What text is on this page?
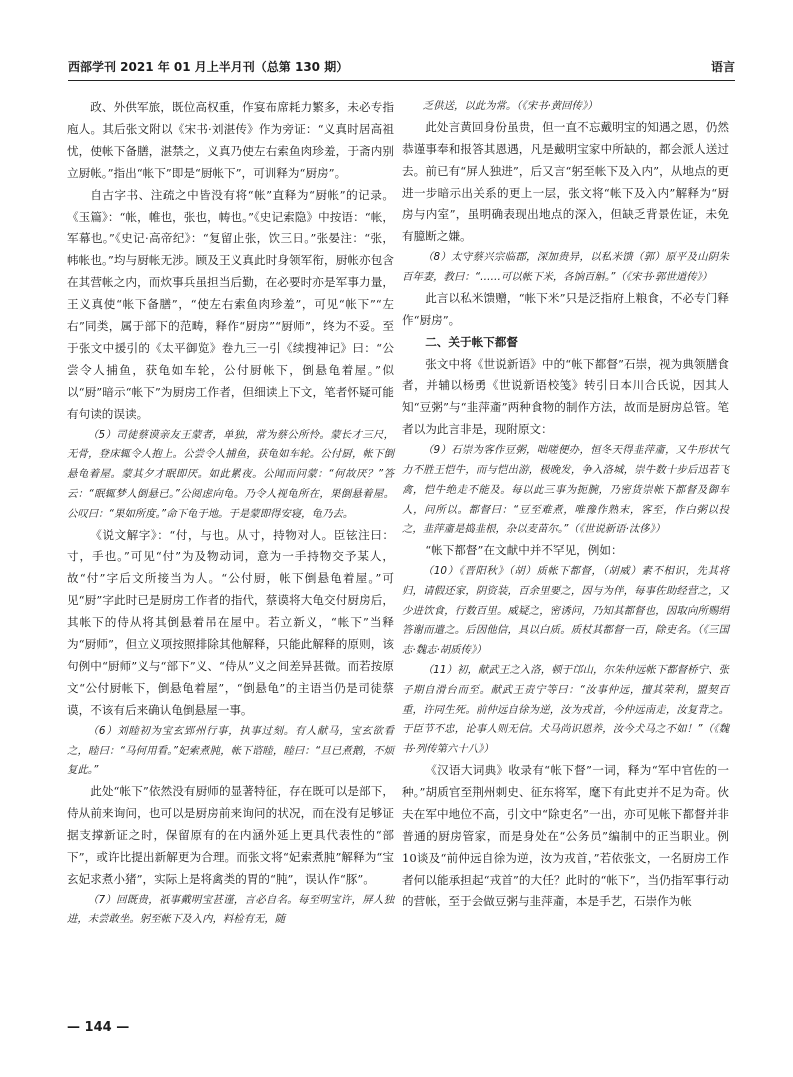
西部学刊 2021 年 01 月上半月刊（总第 130 期）	语言

政、外供军旅，既位高权重，作宴布席耗力繁多，未必专指庖人。其后张文附以《宋书·刘湛传》作为旁证：“义真时居高祖忧，使帐下备膳，湛禁之，义真乃使左右索鱼肉珍羞，于斋内别立厨帐。”指出“帐下”即是“厨帐下”，可训释为“厨房”。

自古字书、注疏之中皆没有将“帐”直释为“厨帐”的记录。《玉篇》：“帐，帷也，张也，帱也。”《史记索隐》中按语：“帐，军幕也。”《史记·高帝纪》：“复留止张，饮三日。”张晏注：“张，帏帐也。”均与厨帐无涉。顾及王义真此时身领军衔，厨帐亦包含在其营帐之内，而炊事兵虽担当后勤，在必要时亦是军事力量，王义真使“帐下备膳”，“使左右索鱼肉珍羞”，可见“帐下”“左右”同类，属于部下的范畴，释作“厨房”“厨师”，终为不妥。至于张文中援引的《太平御览》卷九三一引《续搜神记》曰：“公尝令人捕鱼，获龟如车轮，公付厨帐下，倒悬龟着屋。”似以“厨”暗示“帐下”为厨房工作者，但细读上下文，笔者怀疑可能有句读的误读。

（5）司徒蔡谟亲友王蒙者，单独，常为蔡公所怜。蒙长才三尺，无骨，登床辄令人抱上。公尝令人捕鱼，获龟如车轮。公付厨，帐下倒悬龟着屋。蒙其夕才眠即厌。如此累夜。公闻而问蒙：“何故厌？”答云：“眠辄梦人倒悬已。”公阅虑向龟。乃令人视龟所在，果倒悬着屋。公叹曰：“果如所度。”命下龟于地。于是蒙即得安寝，龟乃去。

《说文解字》：“付，与也。从寸，持物对人。臣铉注曰：寸，手也。”可见“付”为及物动词，意为一手持物交予某人，故“付”字后文所接当为人。“公付厨，帐下倒悬龟着屋。”可见“厨”字此时已是厨房工作者的指代，蔡谟将大龟交付厨房后，其帐下的侍从将其倒悬着吊在屋中。若立新义，“帐下”当释为“厨师”，但立义项按照排除其他解释，只能此解释的原则，该句例中“厨师”义与“部下”义、“侍从”义之间差异甚微。而若按原文“公付厨帐下，倒悬龟着屋”，“倒悬龟”的主语当仍是司徒蔡谟，不该有后来确认龟倒悬屋一事。

（6）刘睦初为宝玄郢州行事，执事过刻。有人献马，宝玄欲看之，睦曰：“马何用看。”妃索煮肫，帐下谘睦，睦曰：“旦已煮鹅，不烦复此。”

此处“帐下”依然没有厨师的显著特征，存在既可以是部下，侍从前来询问，也可以是厨房前来询问的状况，而在没有足够证据支撑新证之时，保留原有的在内涵外延上更具代表性的“部下”，或许比提出新解更为合理。而张文将“妃索煮肫”解释为“宝玄妃求煮小猪”，实际上是将禽类的胃的“肫”，误认作“豚”。

（7）回既贵，祇事戴明宝甚谨，言必自名。每至明宝许，屏人独进，未尝敢坐。躬至帐下及入内，料检有无，随

乏供送，以此为常。（《宋书·黄回传》）

此处言黄回身份虽贵，但一直不忘戴明宝的知遇之恩，仍然恭谨事奉和报答其恩遇，凡是戴明宝家中所缺的，都会派人送过去。前已有“屏人独进”，后又言“躬至帐下及入内”，从地点的更进一步暗示出关系的更上一层，张文将“帐下及入内”解释为“厨房与内室”，虽明确表现出地点的深入，但缺乏背景佐证，未免有臆断之嫌。

（8）太守蔡兴宗临郡，深加贵异，以私米馈（郭）原平及山阴朱百年妻，教曰：“……可以帐下米，各饷百斛。”（《宋书·郭世道传》）

此言以私米馈赠，“帐下米”只是泛指府上粮食，不必专门释作“厨房”。

二、关于帐下都督

张文中将《世说新语》中的“帐下都督”石崇，视为典领膳食者，并辅以杨勇《世说新语校笺》转引日本川合氏说，因其人知“豆粥”与“韭萍齑”两种食物的制作方法，故而是厨房总管。笔者以为此言非是，现附原文：

（9）石崇为客作豆粥，咄嗟便办，恒冬天得韭萍齑，又牛形状气力不胜王恺牛，而与恺出游，极晚发，争入洛城，崇牛数十步后迅若飞禽，恺牛绝走不能及。每以此三事为扼腕，乃密货崇帐下都督及御车人，问所以。都督曰：“豆至难煮，唯豫作熟末，客至，作白粥以投之，韭萍齑是捣韭根，杂以麦苗尔。”（《世说新语·汰侈》）

“帐下都督”在文献中并不罕见，例如：

（10）《晋阳秋》（胡）质帐下都督，（胡威）素不相识，先其将归，请假还家，阴资装，百余里要之，因与为伴，每事佐助经营之，又少进饮食，行数百里。威疑之，密诱问，乃知其都督也，因取向所赐绢答谢而遣之。后因他信，具以白质。质杖其都督一百，除吏名。（《三国志·魏志·胡质传》）

（11）初，献武王之入洛，顿于邙山，尔朱仲远帐下都督桥宁、张子期自滑台而至。献武王责宁等曰：“汝事仲远，擅其荣利，盟契百重，许同生死。前仲远自徐为逆，汝为戎首，今仲远南走，汝复背之。于臣节不忠，论事人则无信。犬马尚识恩养，汝今犬马之不如！”（《魏书·列传第六十八》）

《汉语大词典》收录有“帐下督”一词，释为“军中官佐的一种。”胡质官至荆州刺史、征东将军，麾下有此吏并不足为奇。伙夫在军中地位不高，引文中“除吏名”一出，亦可见帐下都督并非普通的厨房管家，而是身处在“公务员”编制中的正当职业。例10谈及“前仲远自徐为逆，汝为戎首，”若依张文，一名厨房工作者何以能承担起“戎首”的大任？此时的“帐下”，当仍指军事行动的营帐，至于会做豆粥与韭萍齑，本是手艺，石崇作为帐

— 144 —
